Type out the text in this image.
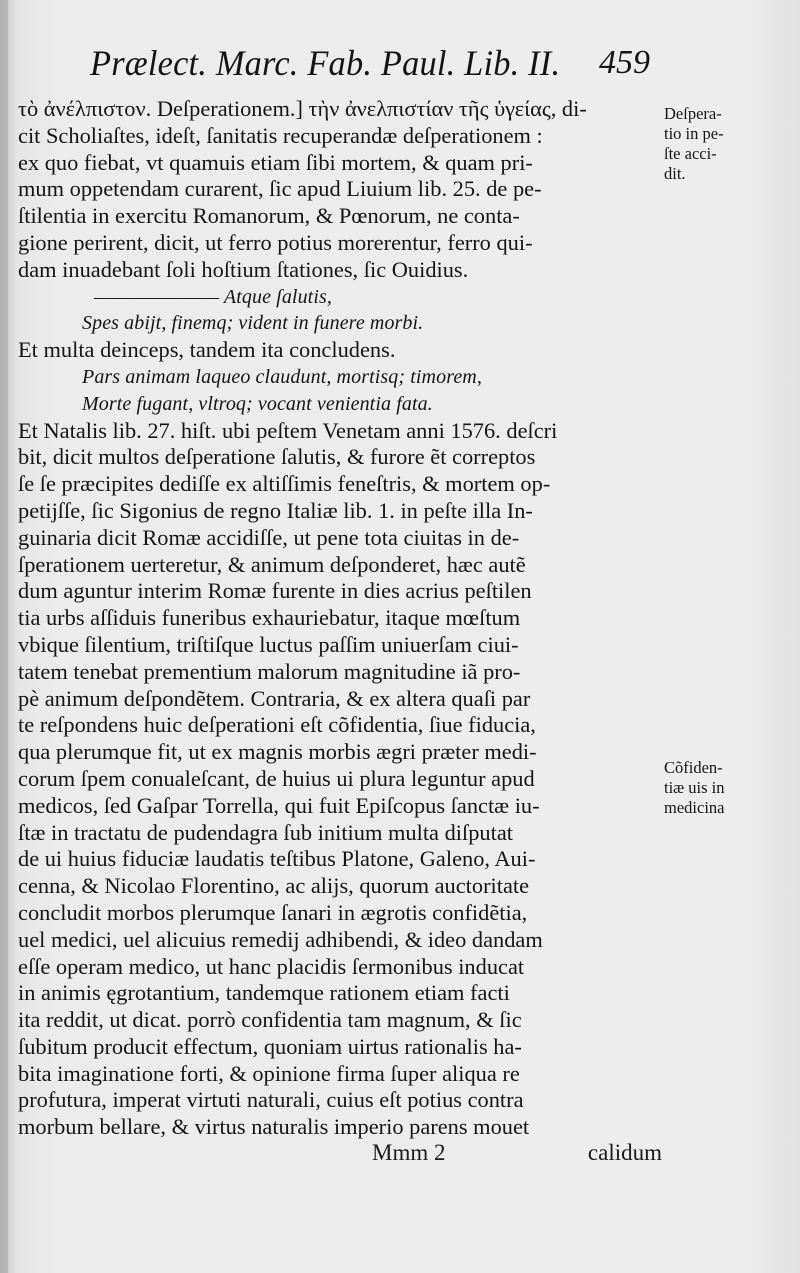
Prælect. Marc. Fab. Paul. Lib. II. 459
τὸ ἀνέλπιστον. Deſperationem.] τὴν ἀνελπιστίαν τῆς ὑγείας, di-
cit Scholiaſtes, ideſt, ſanitatis recuperandæ deſperationem :
ex quo fiebat, vt quamuis etiam ſibi mortem, & quam pri-
mum oppetendam curarent, ſic apud Liuium lib. 25. de pe-
ſtilentia in exercitu Romanorum, & Pœnorum, ne conta-
gione perirent, dicit, ut ferro potius morerentur, ferro qui-
dam inuadebant ſoli hoſtium ſtationes, ſic Ouidius.
——————— Atque ſalutis,
Spes abijt, finemq; vident in funere morbi.
Et multa deinceps, tandem ita concludens.
Pars animam laqueo claudunt, mortisq; timorem,
Morte fugant, vltroq; vocant venientia fata.
Et Natalis lib. 27. hiſt. ubi peſtem Venetam anni 1576. deſcri
bit, dicit multos deſperatione ſalutis, & furore ẽt correptos
ſe ſe præcipites dediſſe ex altiſſimis feneſtris, & mortem op-
petijſſe, ſic Sigonius de regno Italiæ lib. 1. in peſte illa In-
guinaria dicit Romæ accidiſſe, ut pene tota ciuitas in de-
ſperationem uerteretur, & animum deſponderet, hæc autẽ
dum aguntur interim Romæ furente in dies acrius peſtilen
tia urbs aſſiduis funeribus exhauriebatur, itaque mœſtum
vbique ſilentium, triſtiſque luctus paſſim uniuerſam ciui-
tatem tenebat prementium malorum magnitudine iã pro-
pè animum deſpondẽtem. Contraria, & ex altera quaſi par
te reſpondens huic deſperationi eſt cõfidentia, ſiue fiducia,
qua plerumque fit, ut ex magnis morbis ægri præter medi-
corum ſpem conualeſcant, de huius ui plura leguntur apud
medicos, ſed Gaſpar Torrella, qui fuit Epiſcopus ſanctæ iu-
ſtæ in tractatu de pudendagra ſub initium multa diſputat
de ui huius fiduciæ laudatis teſtibus Platone, Galeno, Aui-
cenna, & Nicolao Florentino, ac alijs, quorum auctoritate
concludit morbos plerumque ſanari in ægrotis confidẽtia,
uel medici, uel alicuius remedij adhibendi, & ideo dandam
eſſe operam medico, ut hanc placidis ſermonibus inducat
in animis ęgrotantium, tandemque rationem etiam facti
ita reddit, ut dicat. porrò confidentia tam magnum, & ſic
ſubitum producit effectum, quoniam uirtus rationalis ha-
bita imaginatione forti, & opinione firma ſuper aliqua re
profutura, imperat virtuti naturali, cuius eſt potius contra
morbum bellare, & virtus naturalis imperio parens mouet
Deſpera-
tio in pe-
ſte acci-
dit.
Cõfiden-
tiæ uis in
medicina
Mmm 2	calidum
